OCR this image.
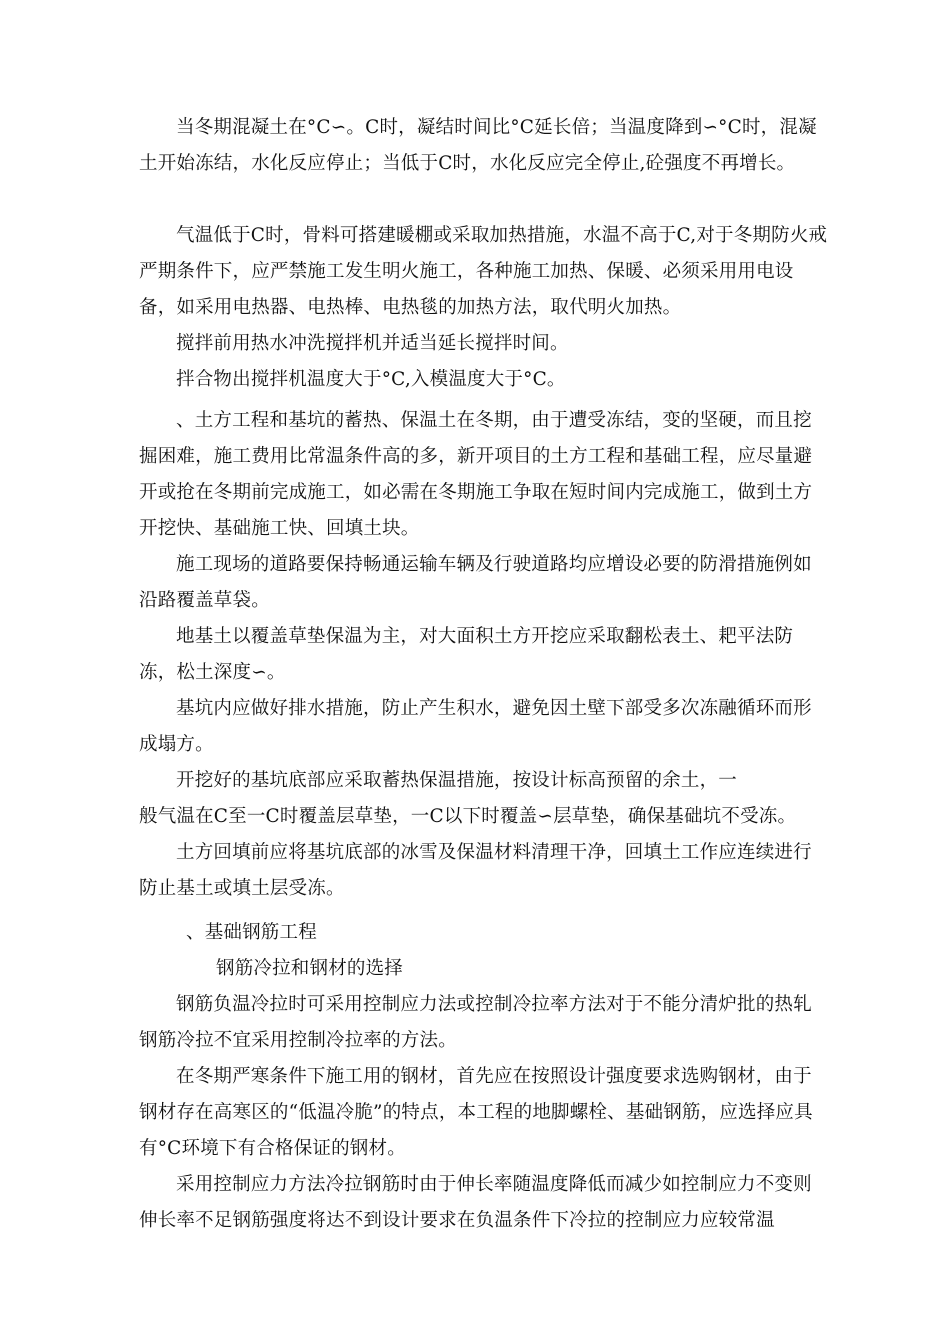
当冬期混凝土在°C∽。C时，凝结时间比°C延长倍；当温度降到∽°C时，混凝土开始冻结，水化反应停止；当低于C时，水化反应完全停止,砼强度不再增长。

气温低于C时，骨料可搭建暖棚或采取加热措施，水温不高于C,对于冬期防火戒严期条件下，应严禁施工发生明火施工，各种施工加热、保暖、必须采用用电设备，如采用电热器、电热棒、电热毯的加热方法，取代明火加热。

搅拌前用热水冲洗搅拌机并适当延长搅拌时间。

拌合物出搅拌机温度大于°C,入模温度大于°C。

、土方工程和基坑的蓄热、保温土在冬期，由于遭受冻结，变的坚硬，而且挖掘困难，施工费用比常温条件高的多，新开项目的土方工程和基础工程，应尽量避开或抢在冬期前完成施工，如必需在冬期施工争取在短时间内完成施工，做到土方开挖快、基础施工快、回填土块。

施工现场的道路要保持畅通运输车辆及行驶道路均应增设必要的防滑措施例如沿路覆盖草袋。

地基土以覆盖草垫保温为主，对大面积土方开挖应采取翻松表土、耙平法防冻，松土深度∽。

基坑内应做好排水措施，防止产生积水，避免因土壁下部受多次冻融循环而形成塌方。

开挖好的基坑底部应采取蓄热保温措施，按设计标高预留的余土，一

般气温在C至一C时覆盖层草垫，一C以下时覆盖∽层草垫，确保基础坑不受冻。

土方回填前应将基坑底部的冰雪及保温材料清理干净，回填土工作应连续进行防止基土或填土层受冻。

、基础钢筋工程

钢筋冷拉和钢材的选择

钢筋负温冷拉时可采用控制应力法或控制冷拉率方法对于不能分清炉批的热轧钢筋冷拉不宜采用控制冷拉率的方法。

在冬期严寒条件下施工用的钢材，首先应在按照设计强度要求选购钢材，由于钢材存在高寒区的“低温冷脆”的特点，本工程的地脚螺栓、基础钢筋，应选择应具有°C环境下有合格保证的钢材。

采用控制应力方法冷拉钢筋时由于伸长率随温度降低而减少如控制应力不变则伸长率不足钢筋强度将达不到设计要求在负温条件下冷拉的控制应力应较常温
